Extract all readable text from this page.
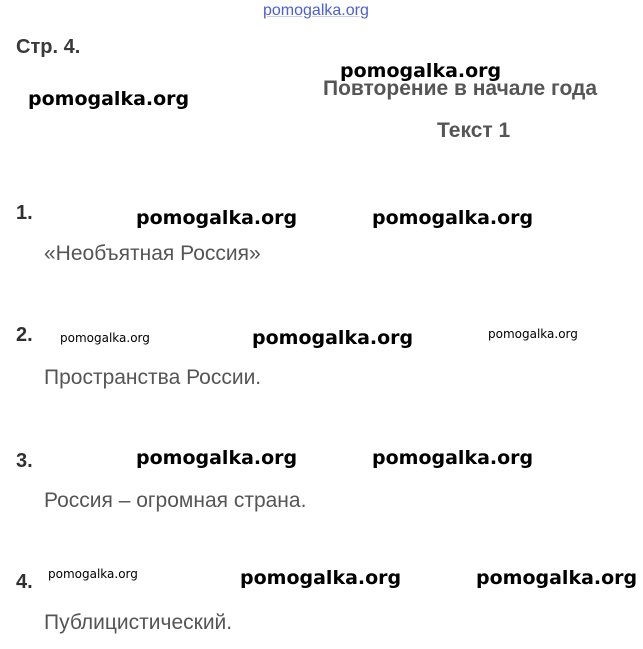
pomogalka.org
Стр. 4.
pomogalka.org
pomogalka.org	Повторение в начале года
Текст 1
1.	pomogalka.org	pomogalka.org
«Необъятная Россия»
2. pomogalka.org	pomogalka.org	pomogalka.org
Пространства России.
3.	pomogalka.org	pomogalka.org
Россия – огромная страна.
4. pomogalka.org	pomogalka.org	pomogalka.org
Публицистический.
